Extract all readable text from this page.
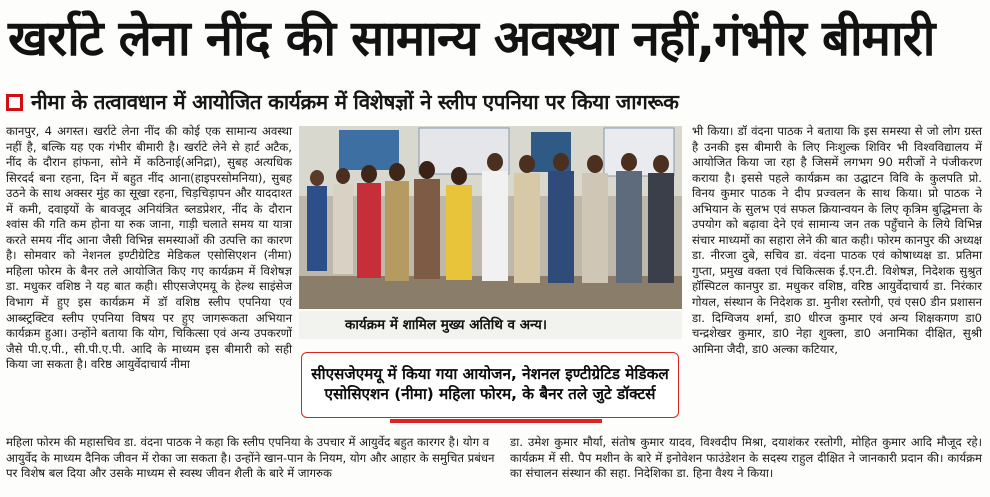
खर्राटे लेना नींद की सामान्य अवस्था नहीं,गंभीर बीमारी
नीमा के तत्वावधान में आयोजित कार्यक्रम में विशेषज्ञों ने स्लीप एपनिया पर किया जागरूक

कानपुर, 4 अगस्त। खर्राटे लेना नींद की कोई एक सामान्य अवस्था नहीं है, बल्कि यह एक गंभीर बीमारी है। खर्राटे लेने से हार्ट अटैक, नींद के दौरान हांफना, सोने में कठिनाई(अनिद्रा), सुबह अत्यधिक सिरदर्द बना रहना, दिन में बहुत नींद आना(हाइपरसोमनिया), सुबह उठने के साथ अक्सर मुंह का सूखा रहना, चिड़चिड़ापन और याददाश्त में कमी, दवाइयों के बावजूद अनियंत्रित ब्लडप्रेशर, नींद के दौरान श्वांस की गति कम होना या रुक जाना, गाड़ी चलाते समय या यात्रा करते समय नींद आना जैसी विभिन्न समस्याओं की उत्पत्ति का कारण है। सोमवार को नेशनल इण्टीग्रेटिड मेडिकल एसोसिएशन (नीमा) महिला फोरम के बैनर तले आयोजित किए गए कार्यक्रम में विशेषज्ञ डा. मधुकर वशिष्ठ ने यह बात कही। सीएसजेएमयू के हेल्थ साइंसेज विभाग में हुए इस कार्यक्रम में डॉ वशिष्ठ स्लीप एपनिया एवं आब्स्ट्रक्टिव स्लीप एपनिया विषय पर हुए जागरूकता अभियान कार्यक्रम हुआ। उन्होंने बताया कि योग, चिकित्सा एवं अन्य उपकरणों जैसे पी.ए.पी., सी.पी.ए.पी. आदि के माध्यम इस बीमारी को सही किया जा सकता है। वरिष्ठ आयुर्वेदाचार्य नीमा

कार्यक्रम में शामिल मुख्य अतिथि व अन्य।
सीएसजेएमयू में किया गया आयोजन, नेशनल इण्टीग्रेटिड मेडिकल
एसोसिएशन (नीमा) महिला फोरम, के बैनर तले जुटे डॉक्टर्स

भी किया। डॉ वंदना पाठक ने बताया कि इस समस्या से जो लोग ग्रस्त है उनकी इस बीमारी के लिए निःशुल्क शिविर भी विश्वविद्यालय में आयोजित किया जा रहा है जिसमें लगभग 90 मरीजों ने पंजीकरण कराया है। इससे पहले कार्यक्रम का उद्घाटन विवि के कुलपति प्रो. विनय कुमार पाठक ने दीप प्रज्वलन के साथ किया। प्रो पाठक ने अभियान के सुलभ एवं सफल क्रियान्वयन के लिए कृत्रिम बुद्धिमत्ता के उपयोग को बढ़ावा देने एवं सामान्य जन तक पहुँचाने के लिये विभिन्न संचार माध्यमों का सहारा लेने की बात कही। फोरम कानपुर की अध्यक्ष डा. नीरजा दुबे, सचिव डा. वंदना पाठक एवं कोषाध्यक्ष डा. प्रतिमा गुप्ता, प्रमुख वक्ता एवं चिकित्सक ई.एन.टी. विशेषज्ञ, निदेशक सुश्रुत हॉस्पिटल कानपुर डा. मधुकर वशिष्ठ, वरिष्ठ आयुर्वेदाचार्य डा. निरंकार गोयल, संस्थान के निदेशक डा. मुनीश रस्तोगी, एवं एस0 डीन प्रशासन डा. दिग्विजय शर्मा, डा0 धीरज कुमार एवं अन्य शिक्षकगण डा0 चन्द्रशेखर कुमार, डा0 नेहा शुक्ला, डा0 अनामिका दीक्षित, सुश्री आमिना जैदी, डा0 अल्का कटियार,

महिला फोरम की महासचिव डा. वंदना पाठक ने कहा कि स्लीप एपनिया के उपचार में आयुर्वेद बहुत कारगर है। योग व आयुर्वेद के माध्यम दैनिक जीवन में रोका जा सकता है। उन्होंने खान-पान के नियम, योग और आहार के समुचित प्रबंधन पर विशेष बल दिया और उसके माध्यम से स्वस्थ जीवन शैली के बारे में जागरुक

डा. उमेश कुमार मौर्या, संतोष कुमार यादव, विश्वदीप मिश्रा, दयाशंकर रस्तोगी, मोहित कुमार आदि मौजूद रहे। कार्यक्रम में सी. पैप मशीन के बारे में इनोवेशन फाउंडेशन के सदस्य राहुल दीक्षित ने जानकारी प्रदान की। कार्यक्रम का संचालन संस्थान की सहा. निदेशिका डा. हिना वैश्य ने किया।
